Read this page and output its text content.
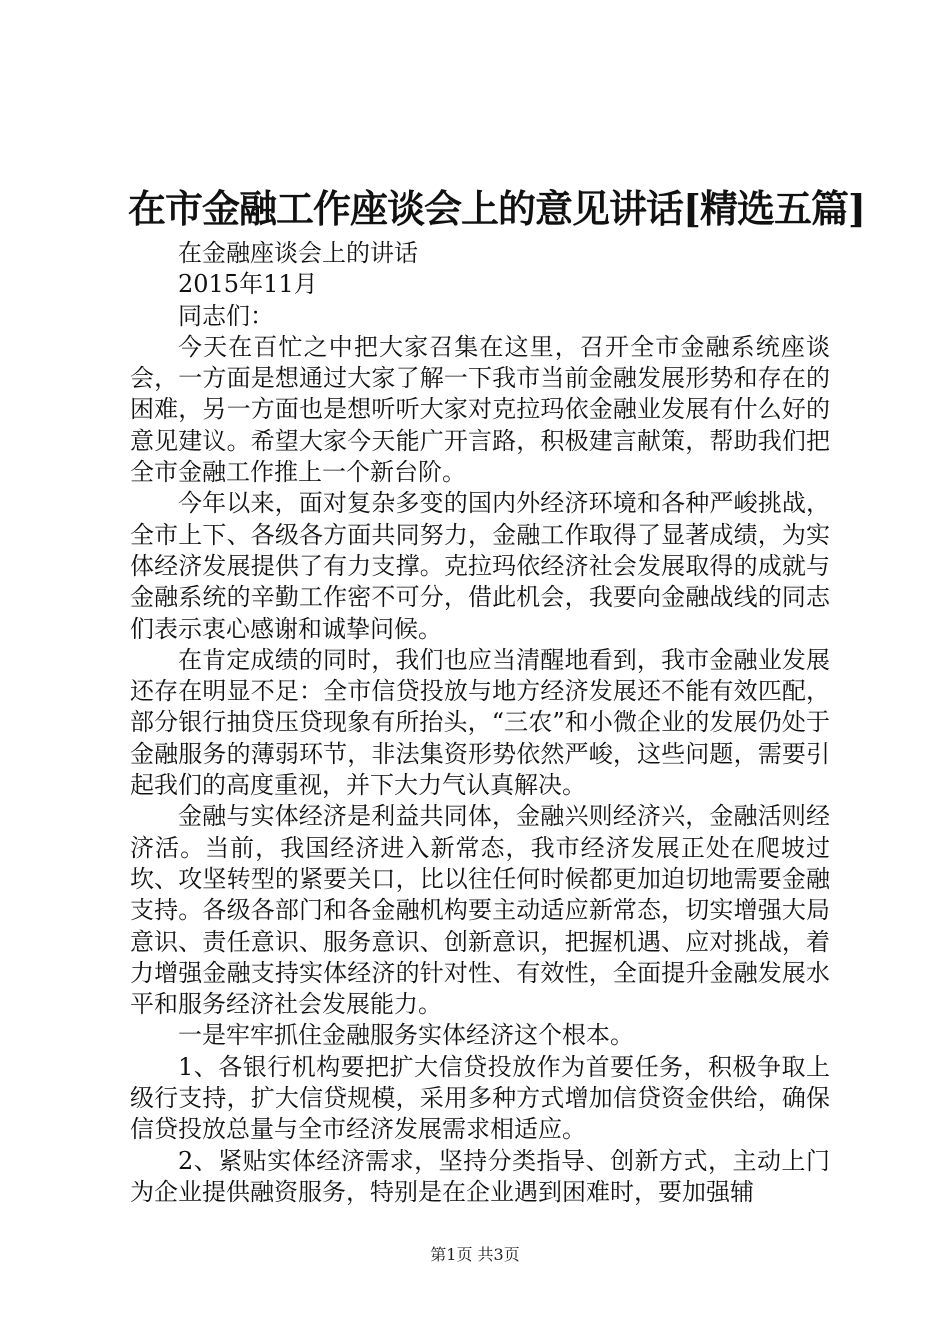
在市金融工作座谈会上的意见讲话[精选五篇]

在金融座谈会上的讲话

2015年11月

同志们：

今天在百忙之中把大家召集在这里，召开全市金融系统座谈会，一方面是想通过大家了解一下我市当前金融发展形势和存在的困难，另一方面也是想听听大家对克拉玛依金融业发展有什么好的意见建议。希望大家今天能广开言路，积极建言献策，帮助我们把全市金融工作推上一个新台阶。

今年以来，面对复杂多变的国内外经济环境和各种严峻挑战，全市上下、各级各方面共同努力，金融工作取得了显著成绩，为实体经济发展提供了有力支撑。克拉玛依经济社会发展取得的成就与金融系统的辛勤工作密不可分，借此机会，我要向金融战线的同志们表示衷心感谢和诚挚问候。

在肯定成绩的同时，我们也应当清醒地看到，我市金融业发展还存在明显不足：全市信贷投放与地方经济发展还不能有效匹配，部分银行抽贷压贷现象有所抬头，“三农”和小微企业的发展仍处于金融服务的薄弱环节，非法集资形势依然严峻，这些问题，需要引起我们的高度重视，并下大力气认真解决。

金融与实体经济是利益共同体，金融兴则经济兴，金融活则经济活。当前，我国经济进入新常态，我市经济发展正处在爬坡过坎、攻坚转型的紧要关口，比以往任何时候都更加迫切地需要金融支持。各级各部门和各金融机构要主动适应新常态，切实增强大局意识、责任意识、服务意识、创新意识，把握机遇、应对挑战，着力增强金融支持实体经济的针对性、有效性，全面提升金融发展水平和服务经济社会发展能力。

一是牢牢抓住金融服务实体经济这个根本。

1、各银行机构要把扩大信贷投放作为首要任务，积极争取上级行支持，扩大信贷规模，采用多种方式增加信贷资金供给，确保信贷投放总量与全市经济发展需求相适应。

2、紧贴实体经济需求，坚持分类指导、创新方式，主动上门为企业提供融资服务，特别是在企业遇到困难时，要加强辅

第1页 共3页
